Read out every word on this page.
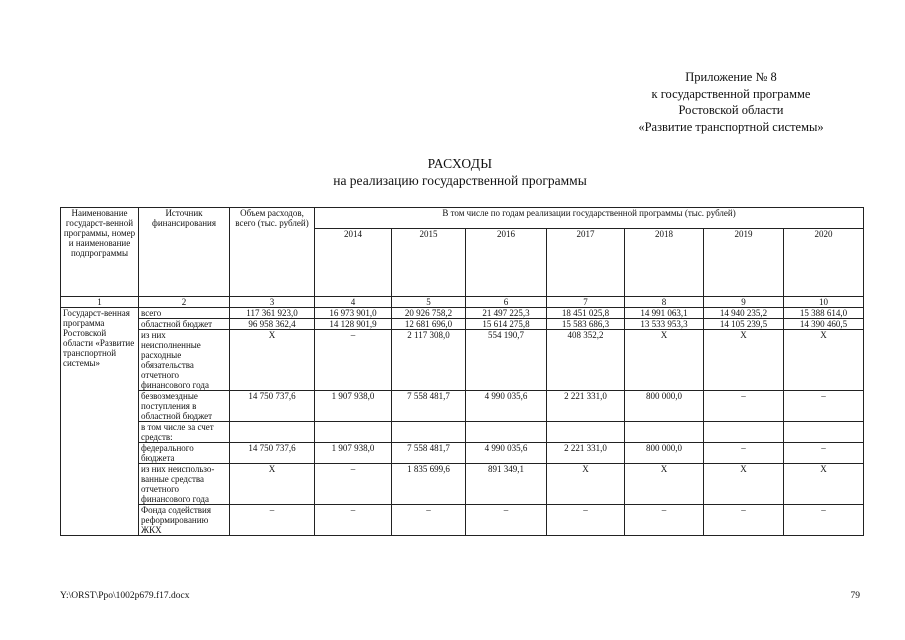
Приложение № 8
к государственной программе
Ростовской области
«Развитие транспортной системы»
РАСХОДЫ
на реализацию государственной программы
Наименование государст-венной программы, номер и наименование подпрограммы	Источник финансирования	Объем расходов, всего (тыс. рублей)	В том числе по годам реализации государственной программы (тыс. рублей)						
			2014	2015	2016	2017	2018	2019	2020
1	2	3	4	5	6	7	8	9	10
Государст-венная программа Ростовской области «Развитие транспортной системы»	всего	117 361 923,0	16 973 901,0	20 926 758,2	21 497 225,3	18 451 025,8	14 991 063,1	14 940 235,2	15 388 614,0
	областной бюджет	96 958 362,4	14 128 901,9	12 681 696,0	15 614 275,8	15 583 686,3	13 533 953,3	14 105 239,5	14 390 460,5
	из них неисполненные расходные обязательства отчетного финансового года	X	–	2 117 308,0	554 190,7	408 352,2	X	X	X
	безвозмездные поступления в областной бюджет	14 750 737,6	1 907 938,0	7 558 481,7	4 990 035,6	2 221 331,0	800 000,0	–	–
	в том числе за счет средств:								
	федерального бюджета	14 750 737,6	1 907 938,0	7 558 481,7	4 990 035,6	2 221 331,0	800 000,0	–	–
	из них неиспользо-ванные средства отчетного финансового года	X	–	1 835 699,6	891 349,1	X	X	X	X
	Фонда содействия реформированию ЖКХ	–	–	–	–	–	–	–	–
Y:\ORST\Ppo\1002p679.f17.docx	79
